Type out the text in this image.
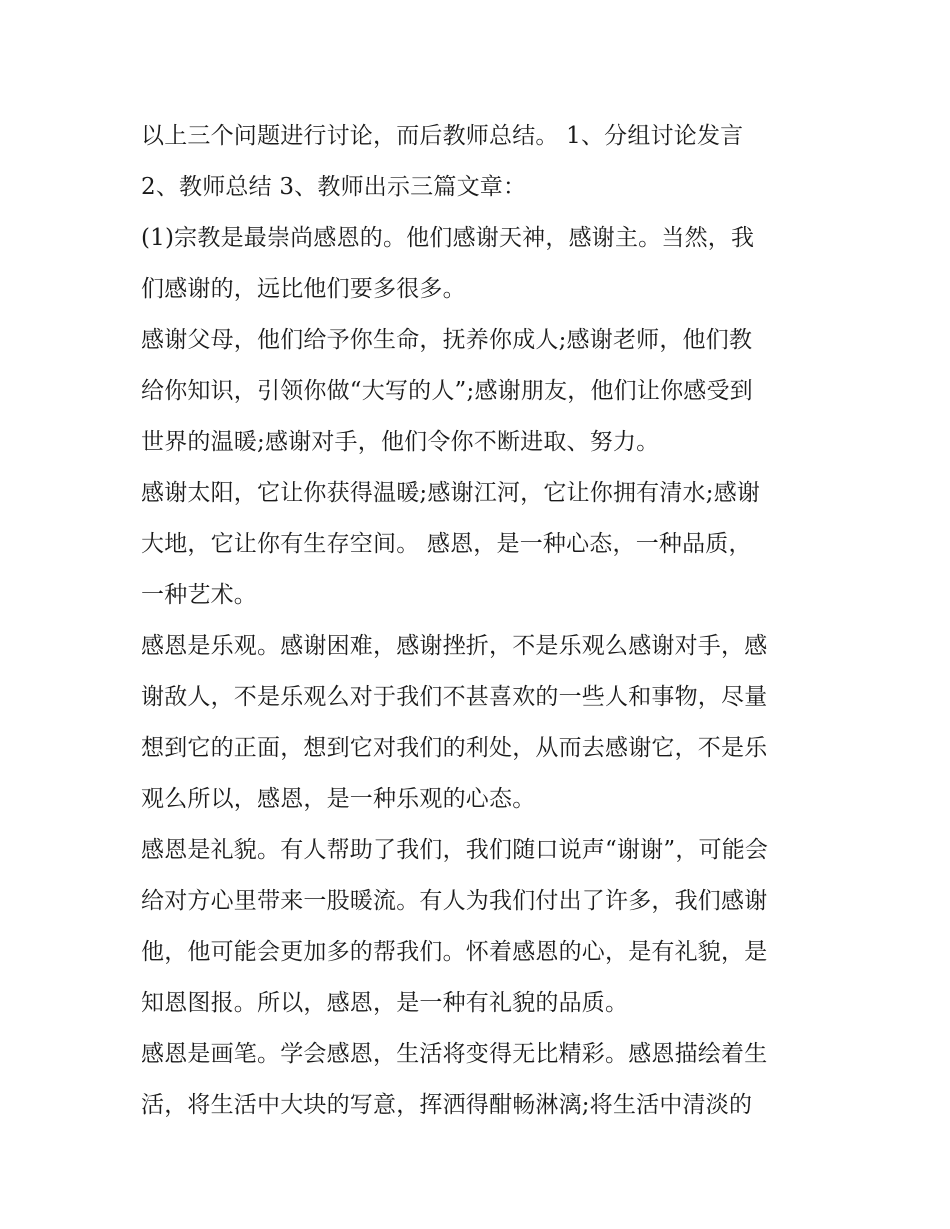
以上三个问题进行讨论，而后教师总结。 1、分组讨论发言
2、教师总结 3、教师出示三篇文章：
(1)宗教是最崇尚感恩的。他们感谢天神，感谢主。当然，我
们感谢的，远比他们要多很多。
感谢父母，他们给予你生命，抚养你成人;感谢老师，他们教
给你知识，引领你做“大写的人”;感谢朋友，他们让你感受到
世界的温暖;感谢对手，他们令你不断进取、努力。
感谢太阳，它让你获得温暖;感谢江河，它让你拥有清水;感谢
大地，它让你有生存空间。 感恩，是一种心态，一种品质，
一种艺术。
感恩是乐观。感谢困难，感谢挫折，不是乐观么感谢对手，感
谢敌人，不是乐观么对于我们不甚喜欢的一些人和事物，尽量
想到它的正面，想到它对我们的利处，从而去感谢它，不是乐
观么所以，感恩，是一种乐观的心态。
感恩是礼貌。有人帮助了我们，我们随口说声“谢谢”，可能会
给对方心里带来一股暖流。有人为我们付出了许多，我们感谢
他，他可能会更加多的帮我们。怀着感恩的心，是有礼貌，是
知恩图报。所以，感恩，是一种有礼貌的品质。
感恩是画笔。学会感恩，生活将变得无比精彩。感恩描绘着生
活，将生活中大块的写意，挥洒得酣畅淋漓;将生活中清淡的
